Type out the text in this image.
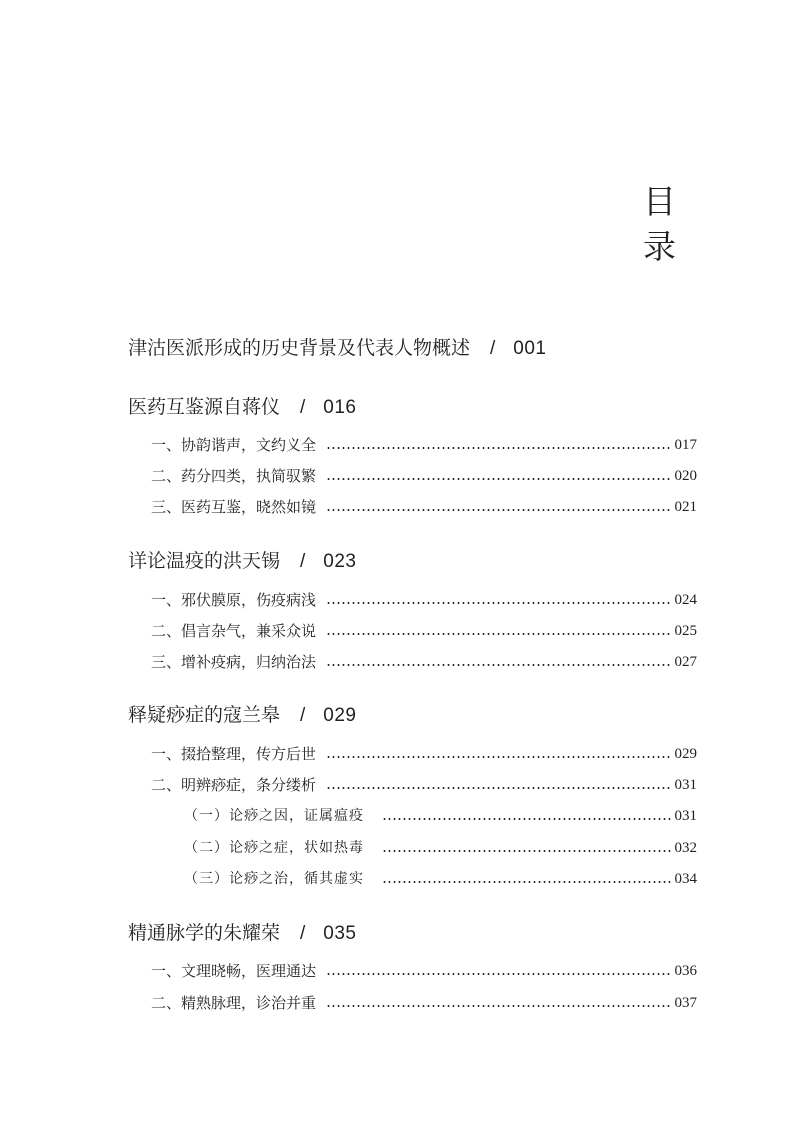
目
录
津沽医派形成的历史背景及代表人物概述 / 001
医药互鉴源自蒋仪 / 016
一、协韵谐声，文约义全	017
二、药分四类，执简驭繁	020
三、医药互鉴，晓然如镜	021
详论温疫的洪天锡 / 023
一、邪伏膜原，伤疫病浅	024
二、倡言杂气，兼采众说	025
三、增补疫病，归纳治法	027
释疑痧症的寇兰皋 / 029
一、掇拾整理，传方后世	029
二、明辨痧症，条分缕析	031
（一）论痧之因，证属瘟疫	031
（二）论痧之症，状如热毒	032
（三）论痧之治，循其虚实	034
精通脉学的朱耀荣 / 035
一、文理晓畅，医理通达	036
二、精熟脉理，诊治并重	037
